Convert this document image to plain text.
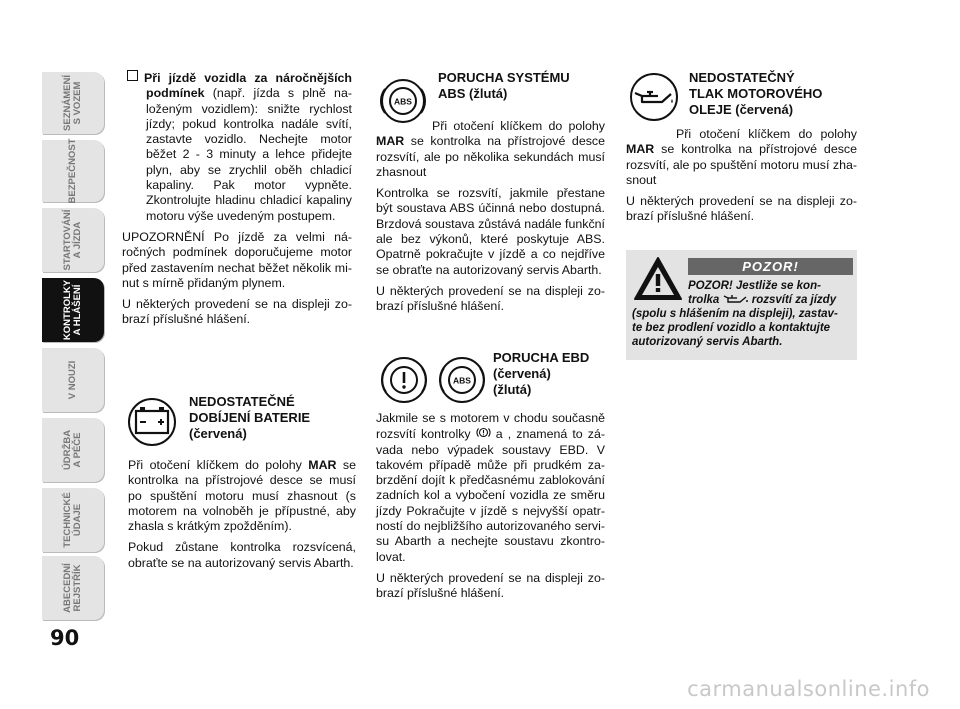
SEZNÁMENÍ
S VOZEM
BEZPEČNOST
STARTOVÁNÍ
A JÍZDA
KONTROLKY
A HLÁŠENÍ
V NOUZI
ÚDRŽBA
A PÉČE
TECHNICKÉ
ÚDAJE
ABECEDNÍ
REJSTŘÍK
90

Při jízdě vozidla za náročnějších podmínek (např. jízda s plně naloženým vozidlem): snižte rychlost jízdy; pokud kontrolka nadále svítí, zastavte vozidlo. Nechejte motor běžet 2 - 3 minuty a lehce přidejte plyn, aby se zrychlil oběh chladicí kapaliny. Pak motor vypněte. Zkontrolujte hladinu chladicí kapaliny motoru výše uvedeným postupem.

UPOZORNĚNÍ Po jízdě za velmi náročných podmínek doporučujeme motor před zastavením nechat běžet několik minut s mírně přidaným plynem.

U některých provedení se na displeji zobrazí příslušné hlášení.

NEDOSTATEČNÉ
DOBÍJENÍ BATERIE
(červená)

Při otočení klíčkem do polohy MAR se kontrolka na přístrojové desce se musí po spuštění motoru musí zhasnout (s motorem na volnoběh je přípustné, aby zhasla s krátkým zpožděním).

Pokud zůstane kontrolka rozsvícená, obraťte se na autorizovaný servis Abarth.

ABS
PORUCHA SYSTÉMU
ABS (žlutá)

Při otočení klíčkem do polohy MAR se kontrolka na přístrojové desce rozsvítí, ale po několika sekundách musí zhasnout

Kontrolka se rozsvítí, jakmile přestane být soustava ABS účinná nebo dostupná. Brzdová soustava zůstává nadále funkční ale bez výkonů, které poskytuje ABS. Opatrně pokračujte v jízdě a co nejdříve se obraťte na autorizovaný servis Abarth.

U některých provedení se na displeji zobrazí příslušné hlášení.

ABS
PORUCHA EBD
(červená)
(žlutá)

Jakmile se s motorem v chodu současně rozsvítí kontrolky  a , znamená to závada nebo výpadek soustavy EBD. V takovém případě může při prudkém zabrzdění dojít k předčasnému zablokování zadních kol a vybočení vozidla ze směru jízdy Pokračujte v jízdě s nejvyšší opatrností do nejbližšího autorizovaného servisu Abarth a nechejte soustavu zkontrolovat.

U některých provedení se na displeji zobrazí příslušné hlášení.

NEDOSTATEČNÝ
TLAK MOTOROVÉHO
OLEJE (červená)

Při otočení klíčkem do polohy MAR se kontrolka na přístrojové desce rozsvítí, ale po spuštění motoru musí zhasnout

U některých provedení se na displeji zobrazí příslušné hlášení.

POZOR!
POZOR! Jestliže se kon-
trolka	rozsvítí za jízdy
(spolu s hlášením na displeji), zastav-
te bez prodlení vozidlo a kontaktujte
autorizovaný servis Abarth.
carmanualsonline.info
